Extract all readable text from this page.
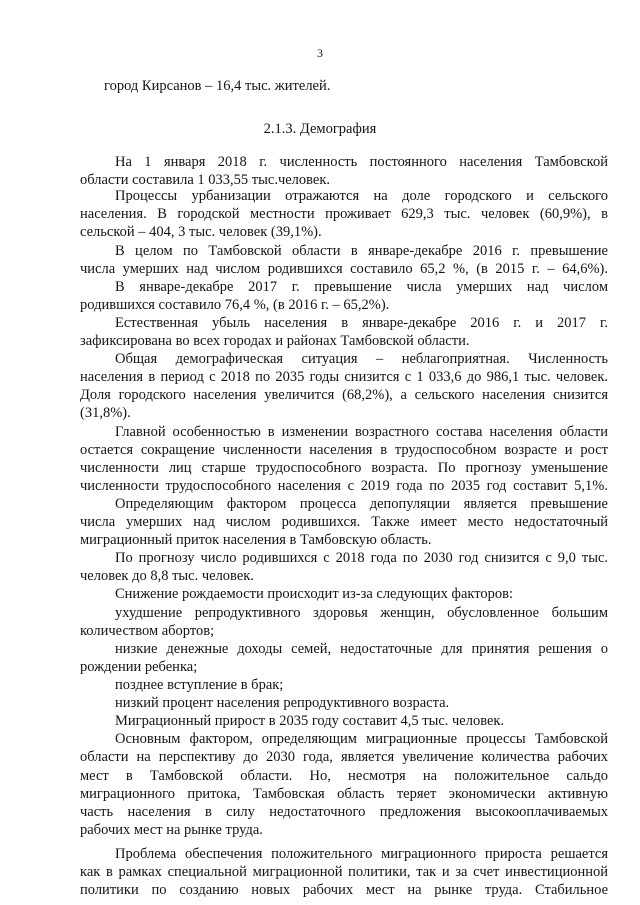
3
город Кирсанов – 16,4 тыс. жителей.
2.1.3. Демография
На 1 января 2018 г. численность постоянного населения Тамбовской
области составила 1 033,55 тыс.человек.
Процессы урбанизации отражаются на доле городского и сельского
населения. В городской местности проживает 629,3 тыс. человек (60,9%), в
сельской – 404, 3 тыс. человек (39,1%).
В целом по Тамбовской области в январе-декабре 2016 г. превышение
числа умерших над числом родившихся составило 65,2 %, (в 2015 г. – 64,6%).
В январе-декабре 2017 г. превышение числа умерших над числом
родившихся составило 76,4 %, (в 2016 г. – 65,2%).
Естественная убыль населения в январе-декабре 2016 г. и 2017 г.
зафиксирована во всех городах и районах Тамбовской области.
Общая демографическая ситуация – неблагоприятная. Численность
населения в период с 2018 по 2035 годы снизится с 1 033,6 до 986,1 тыс. человек.
Доля городского населения увеличится (68,2%), а сельского населения снизится
(31,8%).
Главной особенностью в изменении возрастного состава населения области
остается сокращение численности населения в трудоспособном возрасте и рост
численности лиц старше трудоспособного возраста. По прогнозу уменьшение
численности трудоспособного населения с 2019 года по 2035 год составит 5,1%.
Определяющим фактором процесса депопуляции является превышение
числа умерших над числом родившихся. Также имеет место недостаточный
миграционный приток населения в Тамбовскую область.
По прогнозу число родившихся с 2018 года по 2030 год снизится с 9,0 тыс.
человек до 8,8 тыс. человек.
Снижение рождаемости происходит из-за следующих факторов:
ухудшение репродуктивного здоровья женщин, обусловленное большим
количеством абортов;
низкие денежные доходы семей, недостаточные для принятия решения о
рождении ребенка;
позднее вступление в брак;
низкий процент населения репродуктивного возраста.
Миграционный прирост в 2035 году составит 4,5 тыс. человек.
Основным фактором, определяющим миграционные процессы Тамбовской
области на перспективу до 2030 года, является увеличение количества рабочих
мест в Тамбовской области. Но, несмотря на положительное сальдо
миграционного притока, Тамбовская область теряет экономически активную
часть населения в силу недостаточного предложения высокооплачиваемых
рабочих мест на рынке труда.
Проблема обеспечения положительного миграционного прироста решается
как в рамках специальной миграционной политики, так и за счет инвестиционной
политики по созданию новых рабочих мест на рынке труда. Стабильное
